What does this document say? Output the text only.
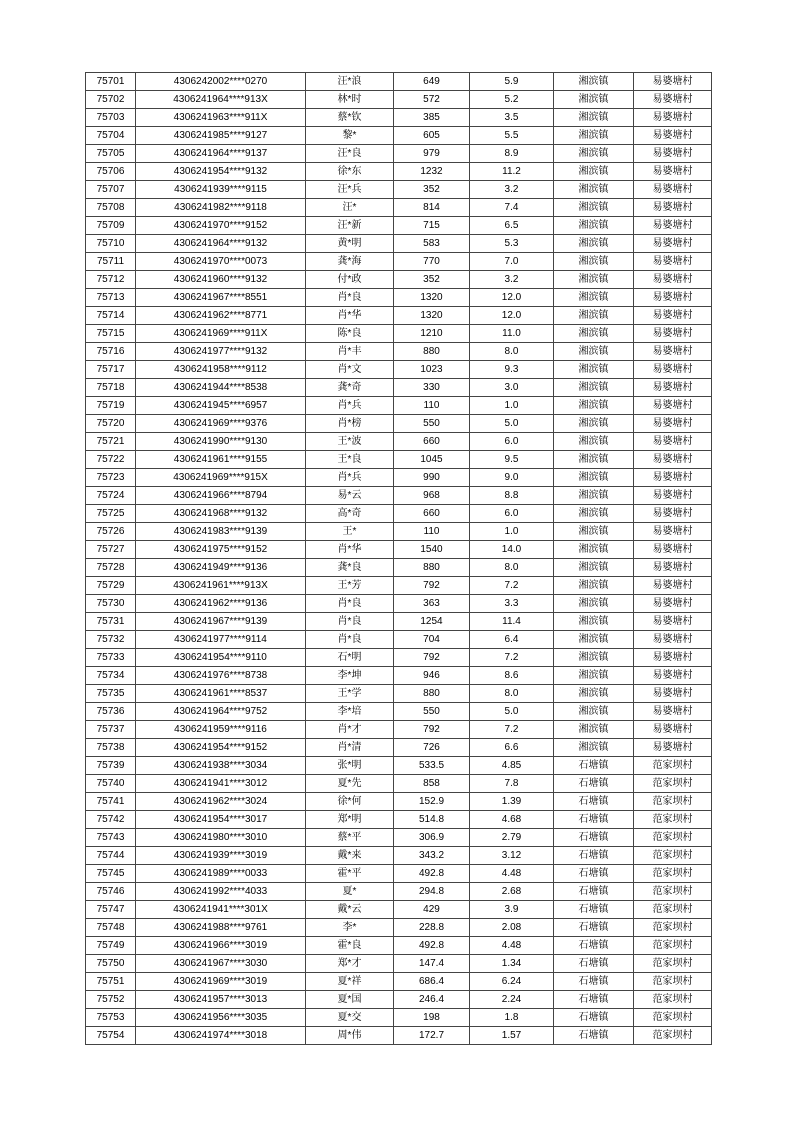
75701	4306242002****0270	汪*浪	649	5.9	湘滨镇	易婆塘村
75702	4306241964****913X	林*时	572	5.2	湘滨镇	易婆塘村
75703	4306241963****911X	蔡*钦	385	3.5	湘滨镇	易婆塘村
75704	4306241985****9127	黎*	605	5.5	湘滨镇	易婆塘村
75705	4306241964****9137	汪*良	979	8.9	湘滨镇	易婆塘村
75706	4306241954****9132	徐*东	1232	11.2	湘滨镇	易婆塘村
75707	4306241939****9115	汪*兵	352	3.2	湘滨镇	易婆塘村
75708	4306241982****9118	汪*	814	7.4	湘滨镇	易婆塘村
75709	4306241970****9152	汪*新	715	6.5	湘滨镇	易婆塘村
75710	4306241964****9132	黄*明	583	5.3	湘滨镇	易婆塘村
75711	4306241970****0073	龚*海	770	7.0	湘滨镇	易婆塘村
75712	4306241960****9132	付*政	352	3.2	湘滨镇	易婆塘村
75713	4306241967****8551	肖*良	1320	12.0	湘滨镇	易婆塘村
75714	4306241962****8771	肖*华	1320	12.0	湘滨镇	易婆塘村
75715	4306241969****911X	陈*良	1210	11.0	湘滨镇	易婆塘村
75716	4306241977****9132	肖*丰	880	8.0	湘滨镇	易婆塘村
75717	4306241958****9112	肖*文	1023	9.3	湘滨镇	易婆塘村
75718	4306241944****8538	龚*奇	330	3.0	湘滨镇	易婆塘村
75719	4306241945****6957	肖*兵	110	1.0	湘滨镇	易婆塘村
75720	4306241969****9376	肖*榜	550	5.0	湘滨镇	易婆塘村
75721	4306241990****9130	王*波	660	6.0	湘滨镇	易婆塘村
75722	4306241961****9155	王*良	1045	9.5	湘滨镇	易婆塘村
75723	4306241969****915X	肖*兵	990	9.0	湘滨镇	易婆塘村
75724	4306241966****8794	易*云	968	8.8	湘滨镇	易婆塘村
75725	4306241968****9132	高*奇	660	6.0	湘滨镇	易婆塘村
75726	4306241983****9139	王*	110	1.0	湘滨镇	易婆塘村
75727	4306241975****9152	肖*华	1540	14.0	湘滨镇	易婆塘村
75728	4306241949****9136	龚*良	880	8.0	湘滨镇	易婆塘村
75729	4306241961****913X	王*芳	792	7.2	湘滨镇	易婆塘村
75730	4306241962****9136	肖*良	363	3.3	湘滨镇	易婆塘村
75731	4306241967****9139	肖*良	1254	11.4	湘滨镇	易婆塘村
75732	4306241977****9114	肖*良	704	6.4	湘滨镇	易婆塘村
75733	4306241954****9110	石*明	792	7.2	湘滨镇	易婆塘村
75734	4306241976****8738	李*坤	946	8.6	湘滨镇	易婆塘村
75735	4306241961****8537	王*学	880	8.0	湘滨镇	易婆塘村
75736	4306241964****9752	李*培	550	5.0	湘滨镇	易婆塘村
75737	4306241959****9116	肖*才	792	7.2	湘滨镇	易婆塘村
75738	4306241954****9152	肖*清	726	6.6	湘滨镇	易婆塘村
75739	4306241938****3034	张*明	533.5	4.85	石塘镇	范家坝村
75740	4306241941****3012	夏*先	858	7.8	石塘镇	范家坝村
75741	4306241962****3024	徐*何	152.9	1.39	石塘镇	范家坝村
75742	4306241954****3017	郑*明	514.8	4.68	石塘镇	范家坝村
75743	4306241980****3010	蔡*平	306.9	2.79	石塘镇	范家坝村
75744	4306241939****3019	戴*来	343.2	3.12	石塘镇	范家坝村
75745	4306241989****0033	霍*平	492.8	4.48	石塘镇	范家坝村
75746	4306241992****4033	夏*	294.8	2.68	石塘镇	范家坝村
75747	4306241941****301X	戴*云	429	3.9	石塘镇	范家坝村
75748	4306241988****9761	李*	228.8	2.08	石塘镇	范家坝村
75749	4306241966****3019	霍*良	492.8	4.48	石塘镇	范家坝村
75750	4306241967****3030	郑*才	147.4	1.34	石塘镇	范家坝村
75751	4306241969****3019	夏*祥	686.4	6.24	石塘镇	范家坝村
75752	4306241957****3013	夏*国	246.4	2.24	石塘镇	范家坝村
75753	4306241956****3035	夏*交	198	1.8	石塘镇	范家坝村
75754	4306241974****3018	周*伟	172.7	1.57	石塘镇	范家坝村
